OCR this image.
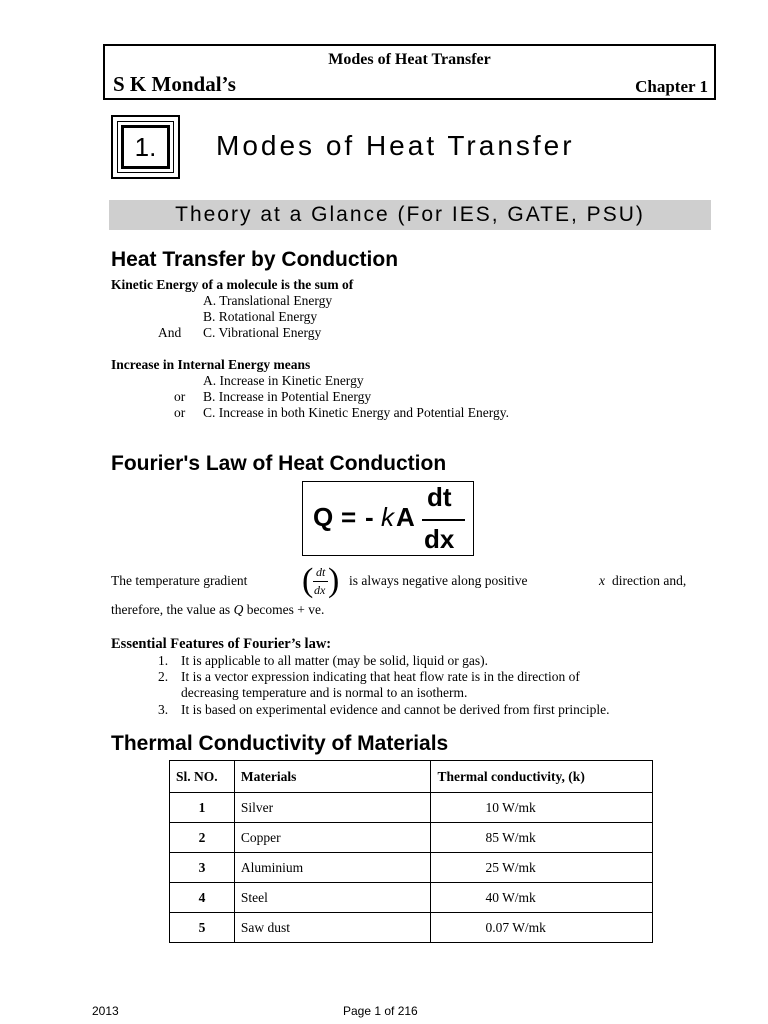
Modes of Heat Transfer
S K Mondal’s	Chapter 1
1.	Modes of Heat Transfer
Theory at a Glance (For IES, GATE, PSU)
Heat Transfer by Conduction
Kinetic Energy of a molecule is the sum of
A. Translational Energy
B. Rotational Energy
And C. Vibrational Energy
Increase in Internal Energy means
A. Increase in Kinetic Energy
or B. Increase in Potential Energy
or C. Increase in both Kinetic Energy and Potential Energy.
Fourier's Law of Heat Conduction
Q = - k A
dt
dx
The temperature gradient ( dt
dx ) is always negative along positive	x direction and,
therefore, the value as Q becomes + ve.
Essential Features of Fourier’s law:
1. It is applicable to all matter (may be solid, liquid or gas).
2. It is a vector expression indicating that heat flow rate is in the direction of
decreasing temperature and is normal to an isotherm.
3. It is based on experimental evidence and cannot be derived from first principle.
Thermal Conductivity of Materials
Sl. NO.	Materials	Thermal conductivity, (k)
1	Silver	10 W/mk
2	Copper	85 W/mk
3	Aluminium	25 W/mk
4	Steel	40 W/mk
5	Saw dust	0.07 W/mk
2013	Page 1 of 216
